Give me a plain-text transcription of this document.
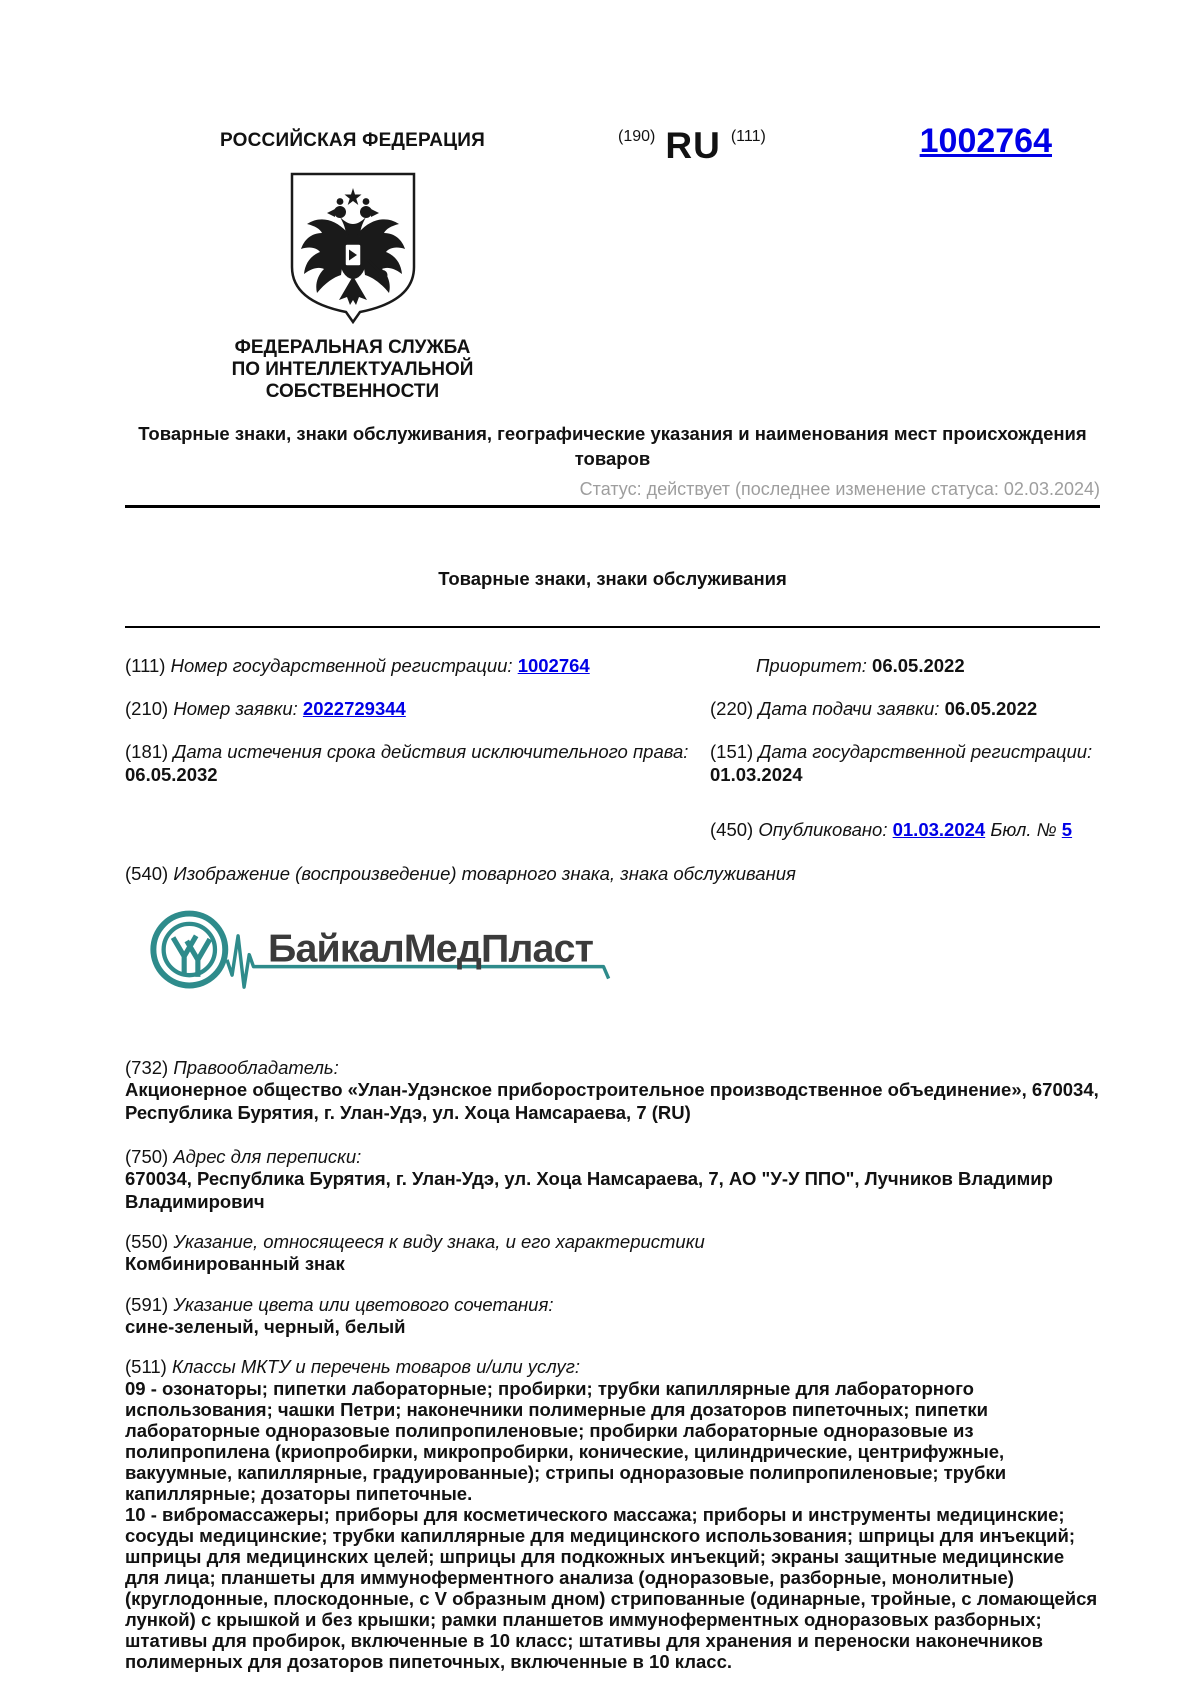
РОССИЙСКАЯ ФЕДЕРАЦИЯ	(190) RU (111)	1002764
ФЕДЕРАЛЬНАЯ СЛУЖБА
ПО ИНТЕЛЛЕКТУАЛЬНОЙ СОБСТВЕННОСТИ
Товарные знаки, знаки обслуживания, географические указания и наименования мест происхождения товаров
Статус: действует (последнее изменение статуса: 02.03.2024)
Товарные знаки, знаки обслуживания
(111) Номер государственной регистрации: 1002764	Приоритет: 06.05.2022
(210) Номер заявки: 2022729344	(220) Дата подачи заявки: 06.05.2022
(181) Дата истечения срока действия исключительного права: 06.05.2032
(151) Дата государственной регистрации: 01.03.2024
(450) Опубликовано: 01.03.2024 Бюл. № 5
(540) Изображение (воспроизведение) товарного знака, знака обслуживания
БайкалМедПласт
(732) Правообладатель:
Акционерное общество «Улан-Удэнское приборостроительное производственное объединение», 670034, Республика Бурятия, г. Улан-Удэ, ул. Хоца Намсараева, 7 (RU)
(750) Адрес для переписки:
670034, Республика Бурятия, г. Улан-Удэ, ул. Хоца Намсараева, 7, АО "У-У ППО", Лучников Владимир Владимирович
(550) Указание, относящееся к виду знака, и его характеристики
Комбинированный знак
(591) Указание цвета или цветового сочетания:
сине-зеленый, черный, белый
(511) Классы МКТУ и перечень товаров и/или услуг:
09 - озонаторы; пипетки лабораторные; пробирки; трубки капиллярные для лабораторного использования; чашки Петри; наконечники полимерные для дозаторов пипеточных; пипетки лабораторные одноразовые полипропиленовые; пробирки лабораторные одноразовые из полипропилена (криопробирки, микропробирки, конические, цилиндрические, центрифужные, вакуумные, капиллярные, градуированные); стрипы одноразовые полипропиленовые; трубки капиллярные; дозаторы пипеточные.
10 - вибромассажеры; приборы для косметического массажа; приборы и инструменты медицинские; сосуды медицинские; трубки капиллярные для медицинского использования; шприцы для инъекций; шприцы для медицинских целей; шприцы для подкожных инъекций; экраны защитные медицинские для лица; планшеты для иммуноферментного анализа (одноразовые, разборные, монолитные) (круглодонные, плоскодонные, с V образным дном) стрипованные (одинарные, тройные, с ломающейся лункой) с крышкой и без крышки; рамки планшетов иммуноферментных одноразовых разборных; штативы для пробирок, включенные в 10 класс; штативы для хранения и переноски наконечников полимерных для дозаторов пипеточных, включенные в 10 класс.
